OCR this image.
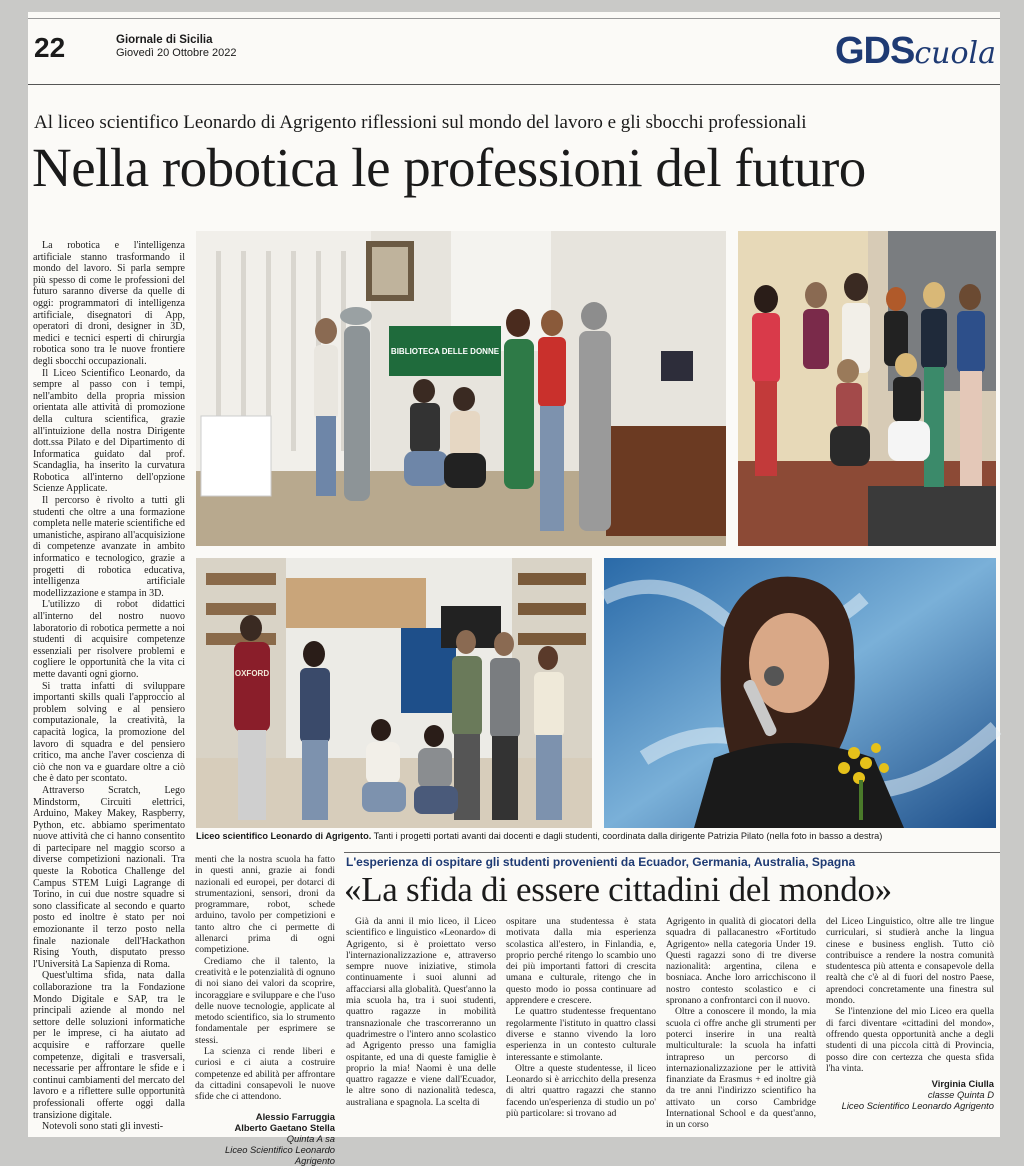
22	Giornale di Sicilia
Giovedì 20 Ottobre 2022	GDScuola
Al liceo scientifico Leonardo di Agrigento riflessioni sul mondo del lavoro e gli sbocchi professionali
Nella robotica le professioni del futuro

La robotica e l'intelligenza artificiale stanno trasformando il mondo del lavoro. Si parla sempre più spesso di come le professioni del futuro saranno diverse da quelle di oggi: programmatori di intelligenza artificiale, disegnatori di App, operatori di droni, designer in 3D, medici e tecnici esperti di chirurgia robotica sono tra le nuove frontiere degli sbocchi occupazionali.

Il Liceo Scientifico Leonardo, da sempre al passo con i tempi, nell'ambito della propria mission orientata alle attività di promozione della cultura scientifica, grazie all'intuizione della nostra Dirigente dott.ssa Pilato e del Dipartimento di Informatica guidato dal prof. Scandaglia, ha inserito la curvatura Robotica all'interno dell'opzione Scienze Applicate.

Il percorso è rivolto a tutti gli studenti che oltre a una formazione completa nelle materie scientifiche ed umanistiche, aspirano all'acquisizione di competenze avanzate in ambito informatico e tecnologico, grazie a progetti di robotica educativa, intelligenza artificiale modellizzazione e stampa in 3D.

L'utilizzo di robot didattici all'interno del nostro nuovo laboratorio di robotica permette a noi studenti di acquisire competenze essenziali per risolvere problemi e cogliere le opportunità che la vita ci mette davanti ogni giorno.

Si tratta infatti di sviluppare importanti skills quali l'approccio al problem solving e al pensiero computazionale, la creatività, la capacità logica, la promozione del lavoro di squadra e del pensiero critico, ma anche l'aver coscienza di ciò che non va e guardare oltre a ciò che è dato per scontato.

Attraverso Scratch, Lego Mindstorm, Circuiti elettrici, Arduino, Makey Makey, Raspberry, Python, etc. abbiamo sperimentato nuove attività che ci hanno consentito di partecipare nel maggio scorso a diverse competizioni nazionali. Tra queste la Robotica Challenge del Campus STEM Luigi Lagrange di Torino, in cui due nostre squadre si sono classificate al secondo e quarto posto ed inoltre è stato per noi emozionante il terzo posto nella finale nazionale dell'Hackathon Rising Youth, disputato presso l'Università La Sapienza di Roma.

Quest'ultima sfida, nata dalla collaborazione tra la Fondazione Mondo Digitale e SAP, tra le principali aziende al mondo nel settore delle soluzioni informatiche per le imprese, ci ha aiutato ad acquisire e rafforzare quelle competenze, digitali e trasversali, necessarie per affrontare le sfide e i continui cambiamenti del mercato del lavoro e a riflettere sulle opportunità professionali offerte oggi dalla transizione digitale.

Notevoli sono stati gli investi-

BIBLIOTECA DELLE DONNE
OXFORD
Liceo scientifico Leonardo di Agrigento. Tanti i progetti portati avanti dai docenti e dagli studenti, coordinata dalla dirigente Patrizia Pilato (nella foto in basso a destra)

menti che la nostra scuola ha fatto in questi anni, grazie ai fondi nazionali ed europei, per dotarci di strumentazioni, sensori, droni da programmare, robot, schede arduino, tavolo per competizioni e tanto altro che ci permette di allenarci prima di ogni competizione.

Crediamo che il talento, la creatività e le potenzialità di ognuno di noi siano dei valori da scoprire, incoraggiare e sviluppare e che l'uso delle nuove tecnologie, applicate al metodo scientifico, sia lo strumento fondamentale per esprimere se stessi.

La scienza ci rende liberi e curiosi e ci aiuta a costruire competenze ed abilità per affrontare da cittadini consapevoli le nuove sfide che ci attendono.

Alessio Farruggia
Alberto Gaetano Stella
Quinta A sa
Liceo Scientifico Leonardo Agrigento
L'esperienza di ospitare gli studenti provenienti da Ecuador, Germania, Australia, Spagna
«La sfida di essere cittadini del mondo»

Già da anni il mio liceo, il Liceo scientifico e linguistico «Leonardo» di Agrigento, si è proiettato verso l'internazionalizzazione e, attraverso sempre nuove iniziative, stimola continuamente i suoi alunni ad affacciarsi alla globalità. Quest'anno la mia scuola ha, tra i suoi studenti, quattro ragazze in mobilità transnazionale che trascorreranno un quadrimestre o l'intero anno scolastico ad Agrigento presso una famiglia ospitante, ed una di queste famiglie è proprio la mia! Naomi è una delle quattro ragazze e viene dall'Ecuador, le altre sono di nazionalità tedesca, australiana e spagnola. La scelta di

ospitare una studentessa è stata motivata dalla mia esperienza scolastica all'estero, in Finlandia, e, proprio perché ritengo lo scambio uno dei più importanti fattori di crescita umana e culturale, ritengo che in questo modo io possa continuare ad apprendere e crescere.

Le quattro studentesse frequentano regolarmente l'istituto in quattro classi diverse e stanno vivendo la loro esperienza in un contesto culturale interessante e stimolante.

Oltre a queste studentesse, il liceo Leonardo si è arricchito della presenza di altri quattro ragazzi che stanno facendo un'esperienza di studio un po' più particolare: si trovano ad

Agrigento in qualità di giocatori della squadra di pallacanestro «Fortitudo Agrigento» nella categoria Under 19. Questi ragazzi sono di tre diverse nazionalità: argentina, cilena e bosniaca. Anche loro arricchiscono il nostro contesto scolastico e ci spronano a confrontarci con il nuovo.

Oltre a conoscere il mondo, la mia scuola ci offre anche gli strumenti per poterci inserire in una realtà multiculturale: la scuola ha infatti intrapreso un percorso di internazionalizzazione per le attività finanziate da Erasmus + ed inoltre già da tre anni l'indirizzo scientifico ha attivato un corso Cambridge International School e da quest'anno, in un corso

del Liceo Linguistico, oltre alle tre lingue curriculari, si studierà anche la lingua cinese e business english. Tutto ciò contribuisce a rendere la nostra comunità studentesca più attenta e consapevole della realtà che c'è al di fuori del nostro Paese, aprendoci concretamente una finestra sul mondo.

Se l'intenzione del mio Liceo era quella di farci diventare «cittadini del mondo», offrendo questa opportunità anche a degli studenti di una piccola città di Provincia, posso dire con certezza che questa sfida l'ha vinta.

Virginia Ciulla
classe Quinta D
Liceo Scientifico Leonardo Agrigento
